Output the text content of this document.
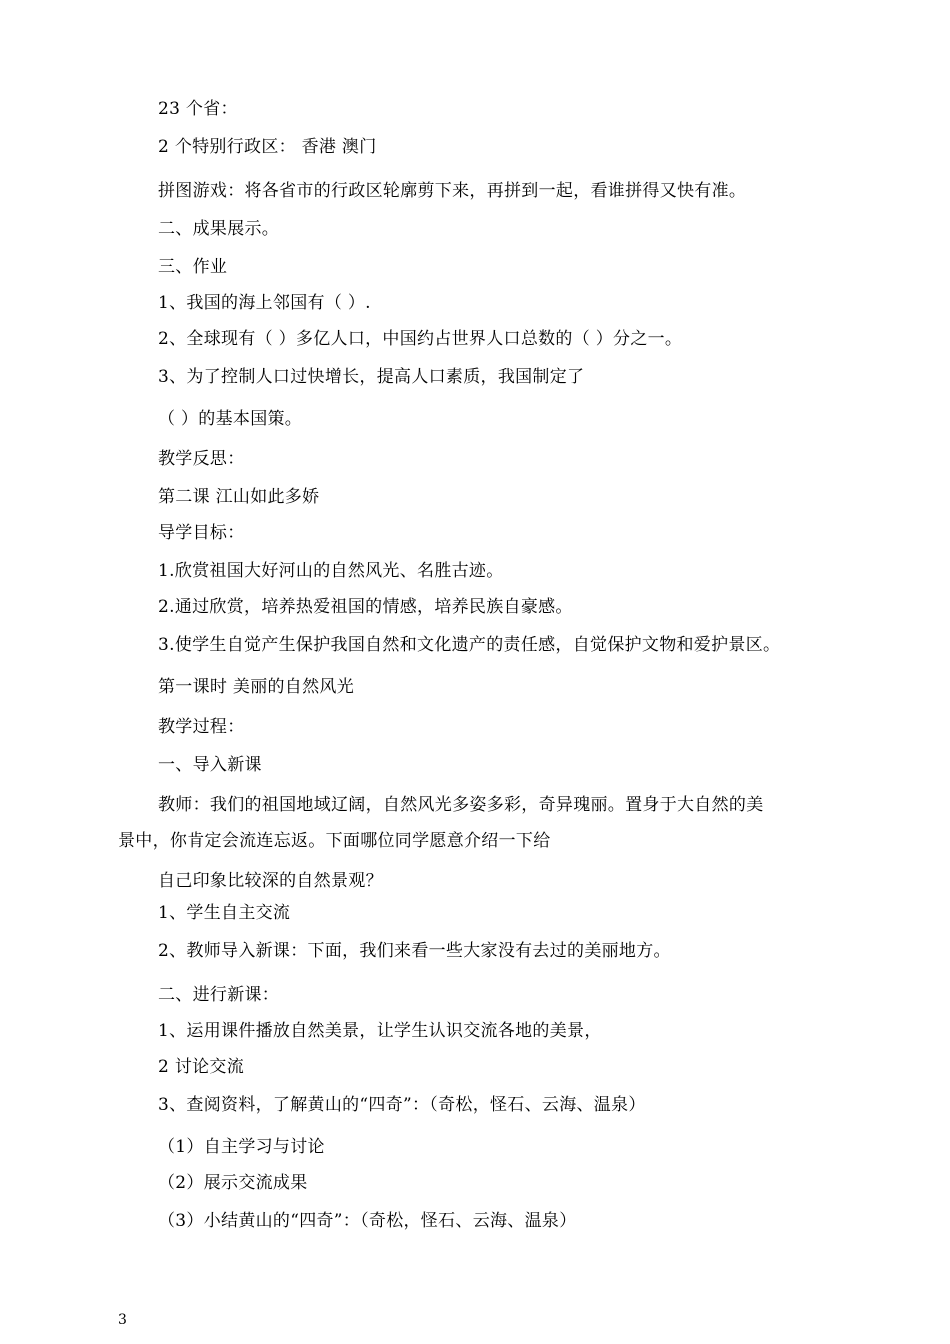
23 个省：
2 个特别行政区： 香港 澳门
拼图游戏：将各省市的行政区轮廓剪下来，再拼到一起，看谁拼得又快有准。
二、成果展示。
三、作业
1、我国的海上邻国有（ ）.
2、全球现有（ ）多亿人口，中国约占世界人口总数的（ ）分之一。
3、为了控制人口过快增长，提高人口素质，我国制定了
（ ）的基本国策。
教学反思：
第二课 江山如此多娇
导学目标：
1.欣赏祖国大好河山的自然风光、名胜古迹。
2.通过欣赏，培养热爱祖国的情感，培养民族自豪感。
3.使学生自觉产生保护我国自然和文化遗产的责任感，自觉保护文物和爱护景区。
第一课时 美丽的自然风光
教学过程：
一、导入新课
教师：我们的祖国地域辽阔，自然风光多姿多彩，奇异瑰丽。置身于大自然的美
景中，你肯定会流连忘返。下面哪位同学愿意介绍一下给
自己印象比较深的自然景观？
1、学生自主交流
2、教师导入新课：下面，我们来看一些大家没有去过的美丽地方。
二、进行新课：
1、运用课件播放自然美景，让学生认识交流各地的美景，
2 讨论交流
3、查阅资料，了解黄山的“四奇”：（奇松，怪石、云海、温泉）
（1）自主学习与讨论
（2）展示交流成果
（3）小结黄山的“四奇”：（奇松，怪石、云海、温泉）
3
